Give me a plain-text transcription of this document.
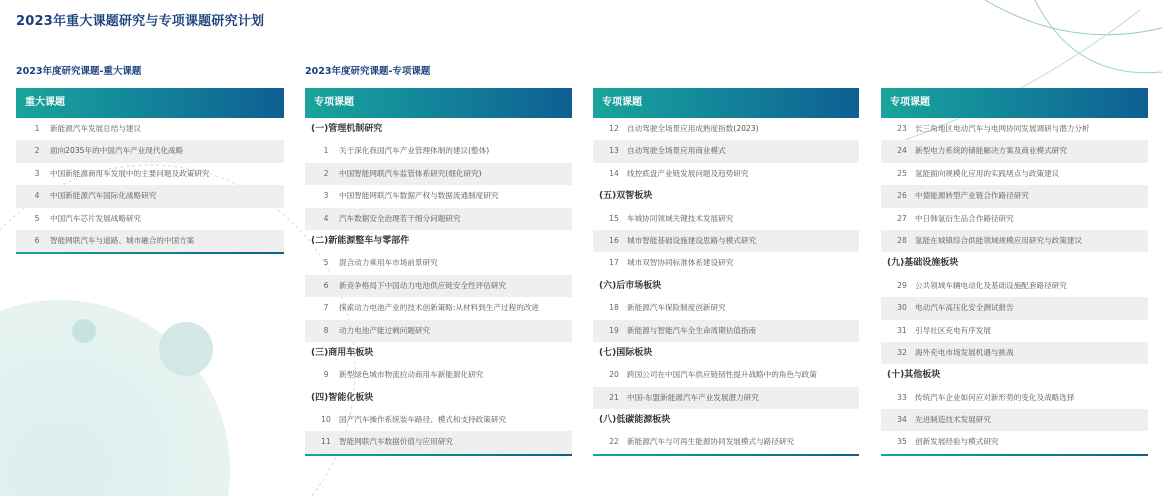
2023年重大课题研究与专项课题研究计划
2023年度研究课题-重大课题	2023年度研究课题-专项课题
重大课题
1 新能源汽车发展总结与建议
2 面向2035年的中国汽车产业现代化战略
3 中国新能源商用车发展中的主要问题及政策研究
4 中国新能源汽车国际化战略研究
5 中国汽车芯片发展战略研究
6 智能网联汽车与道路、城市融合的中国方案
专项课题
(一)管理机制研究
1 关于深化我国汽车产业管理体制的建议(整体)
2 中国智能网联汽车监管体系研究(细化研究)
3 中国智能网联汽车数据产权与数据流通制度研究
4 汽车数据安全治理若干细分问题研究
(二)新能源整车与零部件
5 混合动力乘用车市场前景研究
6 新竞争格局下中国动力电池供应链安全性评估研究
7 探索动力电池产业的技术创新策略:从材料到生产过程的改进
8 动力电池产能过剩问题研究
(三)商用车板块
9 新型绿色城市物流拉动商用车新能源化研究
(四)智能化板块
10 国产汽车操作系统装车路径、模式和支持政策研究
11 智能网联汽车数据价值与应用研究
专项课题
12 自动驾驶全场景应用成熟度指数(2023)
13 自动驾驶全场景应用商业模式
14 线控底盘产业链发展问题及趋势研究
(五)双智板块
15 车城协同领域关键技术发展研究
16 城市智能基础设施建设思路与模式研究
17 城市双智协同标准体系建设研究
(六)后市场板块
18 新能源汽车保险制度创新研究
19 新能源与智能汽车全生命周期估值指南
(七)国际板块
20 跨国公司在中国汽车供应链韧性提升战略中的角色与政策
21 中国-东盟新能源汽车产业发展潜力研究
(八)低碳能源板块
22 新能源汽车与可再生能源协同发展模式与路径研究
专项课题
23 长三角地区电动汽车与电网协同发展调研与潜力分析
24 新型电力系统的储能解决方案及商业模式研究
25 氢能面向规模化应用的实践堵点与政策建议
26 中德能源转型产业链合作路径研究
27 中日韩氢衍生品合作路径研究
28 氢能在城镇综合供能领域规模应用研究与政策建议
(九)基础设施板块
29 公共领域车辆电动化及基础设施配套路径研究
30 电动汽车高压化安全测试报告
31 引导社区充电有序发展
32 海外充电市场发展机遇与挑战
(十)其他板块
33 传统汽车企业如何应对新形势的变化及战略选择
34 先进制造技术发展研究
35 创新发展经验与模式研究
